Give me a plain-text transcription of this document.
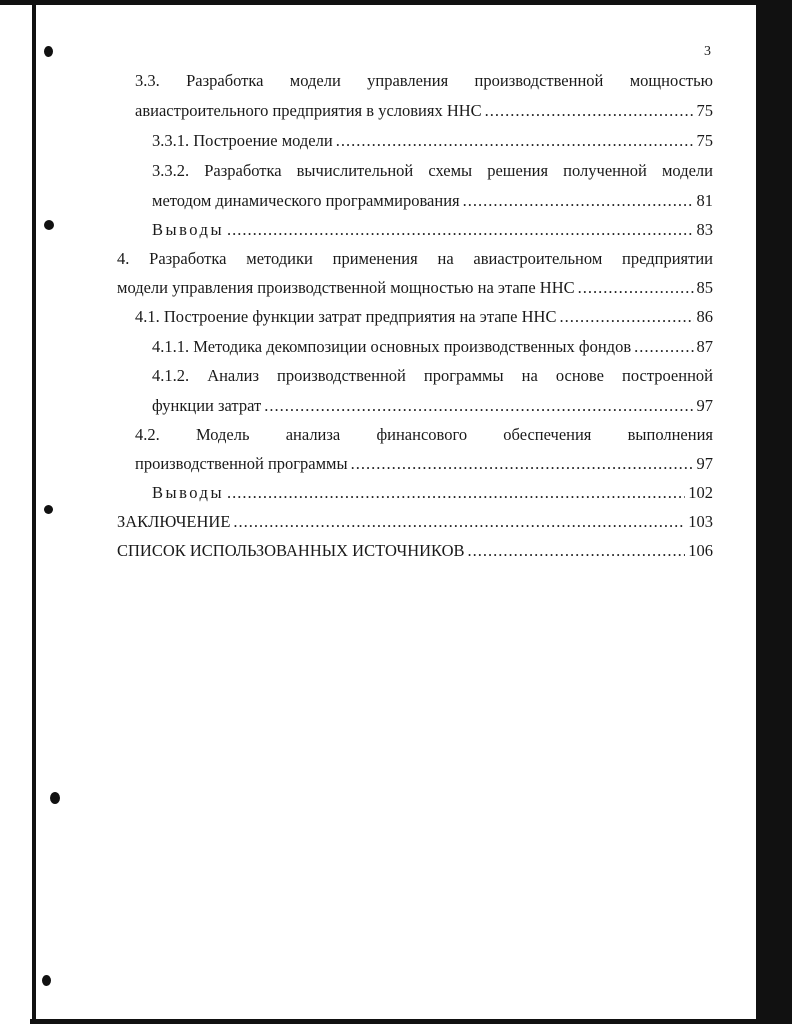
3
3.3. Разработка модели управления производственной мощностью
авиастроительного предприятия в условиях ННС .....	75
3.3.1. Построение модели .....	75
3.3.2. Разработка вычислительной схемы решения полученной модели
методом динамического программирования .....	81
Выводы .....	83
4. Разработка методики применения на авиастроительном предприятии
модели управления производственной мощностью на этапе ННС .....	85
4.1. Построение функции затрат предприятия на этапе ННС .....	86
4.1.1. Методика декомпозиции основных производственных фондов .....	87
4.1.2. Анализ производственной программы на основе построенной
функции затрат .....	97
4.2. Модель анализа финансового обеспечения выполнения
производственной программы .....	97
Выводы .....	102
ЗАКЛЮЧЕНИЕ .....	103
СПИСОК ИСПОЛЬЗОВАННЫХ ИСТОЧНИКОВ .....	106
